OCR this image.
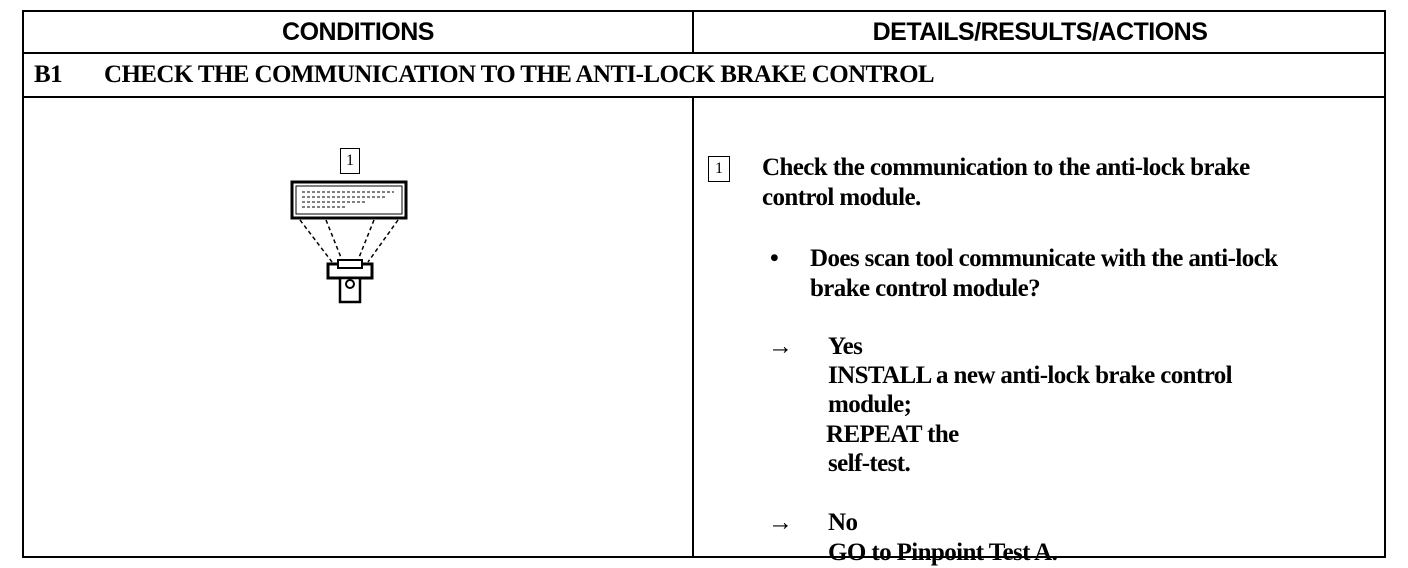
CONDITIONS	DETAILS/RESULTS/ACTIONS
B1	CHECK THE COMMUNICATION TO THE ANTI-LOCK BRAKE CONTROL
1	1 Check the communication to the anti-lock brake
control module.
• Does scan tool communicate with the anti-lock
brake control module?
→ Yes
INSTALL a new anti-lock brake control
module;
REPEAT the
self-test.
→ No
GO to Pinpoint Test A.
